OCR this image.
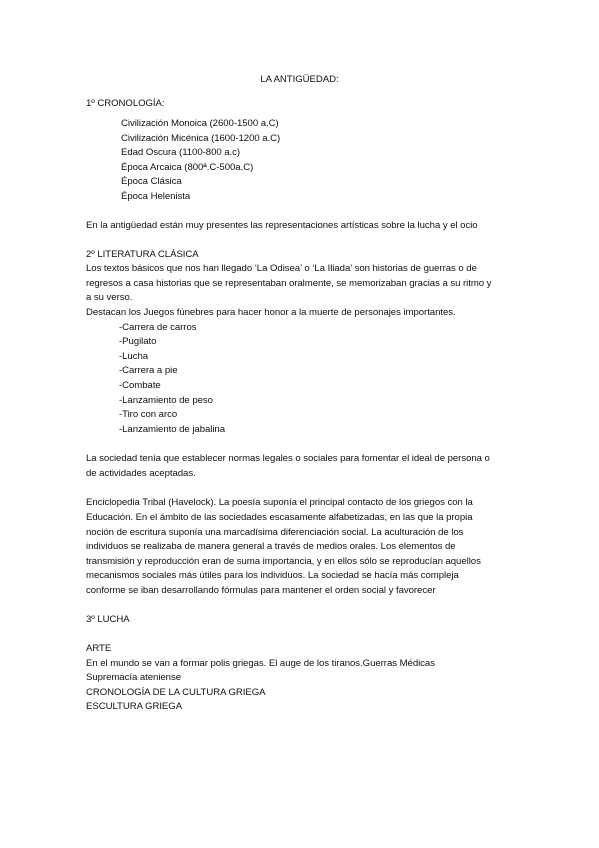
LA ANTIGÜEDAD:
1º CRONOLOGÍA:
Civilización Monoica (2600-1500 a.C)
Civilización Micénica (1600-1200 a.C)
Edad Oscura (1100-800 a.c)
Época Arcaica (800ª.C-500a.C)
Época Clásica
Época Helenista
En la antigüedad están muy presentes las representaciones artísticas sobre la lucha y el ocio
2º LITERATURA CLÁSICA
Los textos básicos que nos han llegado ‘La Odisea’ o ‘La Iliada’ son historias de guerras o de
regresos a casa historias que se representaban oralmente, se memorizaban gracias a su ritmo y
a su verso.
Destacan los Juegos fúnebres para hacer honor a la muerte de personajes importantes.
-Carrera de carros
-Pugilato
-Lucha
-Carrera a pie
-Combate
-Lanzamiento de peso
-Tiro con arco
-Lanzamiento de jabalina
La sociedad tenía que establecer normas legales o sociales para fomentar el ideal de persona o
de actividades aceptadas.
Enciclopedia Tribal (Havelock). La poesía suponía el principal contacto de los griegos con la
Educación. En el ámbito de las sociedades escasamente alfabetizadas, en las que la propia
noción de escritura suponía una marcadísima diferenciación social. La aculturación de los
individuos se realizaba de manera general a través de medios orales. Los elementos de
transmisión y reproducción eran de suma importancia, y en ellos sólo se reproducían aquellos
mecanismos sociales más útiles para los individuos. La sociedad se hacía más compleja
conforme se iban desarrollando fórmulas para mantener el orden social y favorecer
3º LUCHA
ARTE
En el mundo se van a formar polis griegas. El auge de los tiranos.Guerras Médicas
Supremacía ateniense
CRONOLOGÍA DE LA CULTURA GRIEGA
ESCULTURA GRIEGA
